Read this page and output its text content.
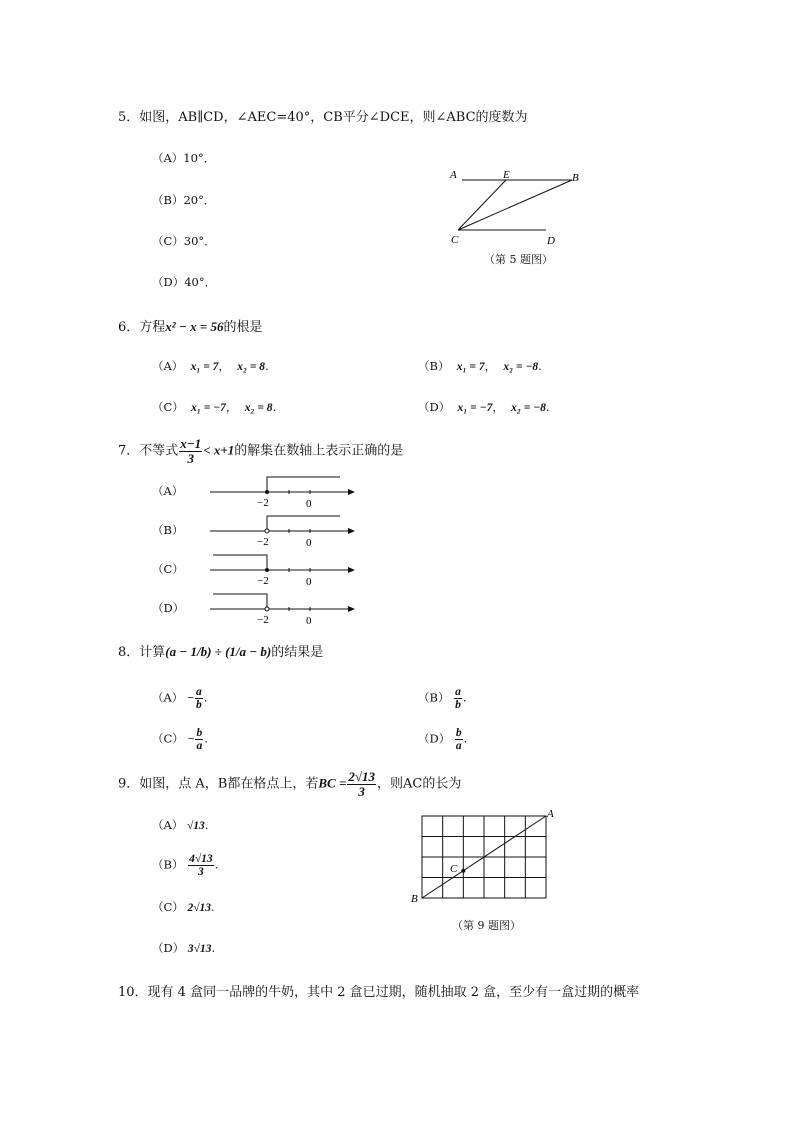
5．如图，AB∥CD，∠AEC=40°，CB平分∠DCE，则∠ABC的度数为
（A）10°．
（B）20°．
（C）30°．
（D）40°．
A	E	B
C	D
（第 5 题图）
6．方程x² − x = 56的根是
（A） x₁ = 7，  x₂ = 8.	（B） x₁ = 7，  x₂ = −8.
（C） x₁ = −7，  x₂ = 8.	（D） x₁ = −7，  x₂ = −8.
7．不等式 $\frac{x-1}{3} < x+1$的解集在数轴上表示正确的是
（A）
（B）
（C）
（D）
−2	0
−2	0
−2	0
−2	0
8．计算(a − 1/b) ÷ (1/a − b)的结果是
$(A) - \frac{a}{b}$ .	$(B) \frac{a}{b}$ .
$(C) - \frac{b}{a}$ .	$(D) \frac{b}{a}$ .
9．如图，点 A，B都在格点上，若BC = $\frac{2√13}{3}$ ，则AC的长为
（A） √13.
$(B) \frac{4√13}{3}$ .
（C） 2√13.
（D） 3√13.
A
B
C
（第 9 题图）
10．现有 4 盒同一品牌的牛奶，其中 2 盒已过期，随机抽取 2 盒，至少有一盒过期的概率
